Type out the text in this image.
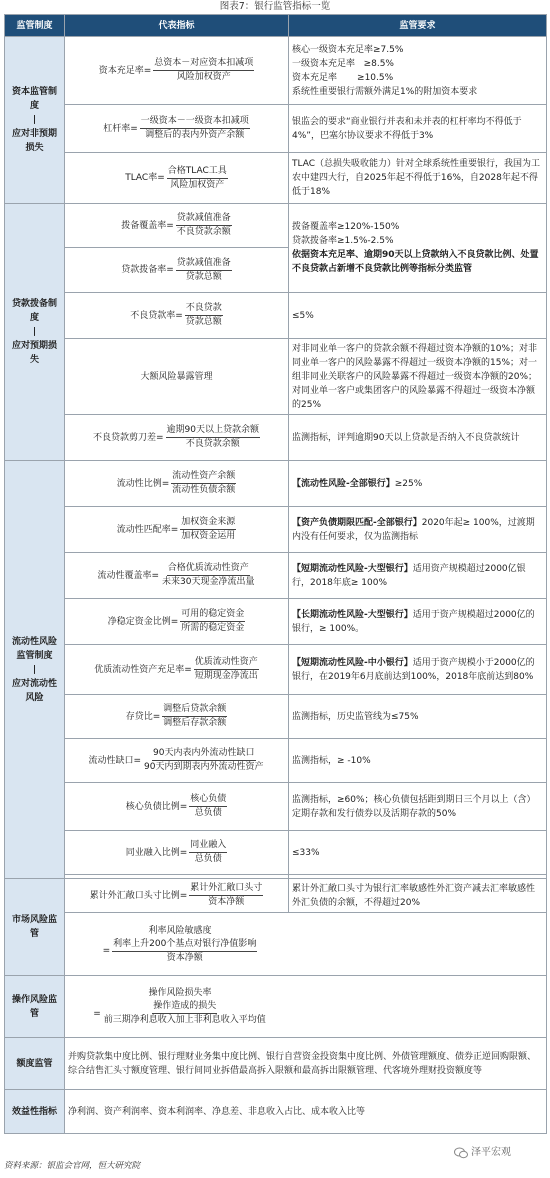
图表7：银行监管指标一览
监管制度	代表指标	监管要求
资本监管制度
|
应对非预期损失	资本充足率 = $\frac{\text{总资本－对应资本扣减项}}{\text{风险加权资产}}$	核心一级资本充足率≥7.5%
一级资本充足率   ≥8.5%
资本充足率       ≥10.5%
系统性重要银行需额外满足1%的附加资本要求

	杠杆率 = $\frac{\text{一级资本－一级资本扣减项}}{\text{调整后的表内外资产余额}}$	银监会的要求“商业银行并表和未并表的杠杆率均不得低于4%”，巴塞尔协议要求不得低于3%

	TLAC率 = $\frac{\text{合格TLAC工具}}{\text{风险加权资产}}$	TLAC（总损失吸收能力）针对全球系统性重要银行，我国为工农中建四大行，自2025年起不得低于16%，自2028年起不得低于18%
贷款拨备制度
|
应对预期损失	拨备覆盖率 = $\frac{\text{贷款减值准备}}{\text{不良贷款余额}}$	拨备覆盖率≥120%-150%
贷款拨备率≥1.5%-2.5%
依据资本充足率、逾期90天以上贷款纳入不良贷款比例、处置不良贷款占新增不良贷款比例等指标分类监管

	贷款拨备率 = $\frac{\text{贷款减值准备}}{\text{贷款总额}}$

	不良贷款率 = $\frac{\text{不良贷款}}{\text{贷款总额}}$	≤5%
	大额风险暴露管理	对非同业单一客户的贷款余额不得超过资本净额的10%；对非同业单一客户的风险暴露不得超过一级资本净额的15%；对一组非同业关联客户的风险暴露不得超过一级资本净额的20%；对同业单一客户或集团客户的风险暴露不得超过一级资本净额的25%

	不良贷款剪刀差 = $\frac{\text{逾期90天以上贷款余额}}{\text{不良贷款余额}}$	监测指标，评判逾期90天以上贷款是否纳入不良贷款统计
流动性风险监管制度
|
应对流动性风险	流动性比例 = $\frac{\text{流动性资产余额}}{\text{流动性负债余额}}$	【流动性风险-全部银行】≥25%

	流动性匹配率 = $\frac{\text{加权资金来源}}{\text{加权资金运用}}$	【资产负债期限匹配-全部银行】2020年起≥ 100%，过渡期内没有任何要求，仅为监测指标

	流动性覆盖率 = $\frac{\text{合格优质流动性资产}}{\text{未来30天现金净流出量}}$	【短期流动性风险-大型银行】适用资产规模超过2000亿银行，2018年底≥ 100%

	净稳定资金比例 = $\frac{\text{可用的稳定资金}}{\text{所需的稳定资金}}$	【长期流动性风险-大型银行】适用于资产规模超过2000亿的银行，≥ 100%。

	优质流动性资产充足率 = $\frac{\text{优质流动性资产}}{\text{短期现金净流出}}$	【短期流动性风险-中小银行】适用于资产规模小于2000亿的银行，在2019年6月底前达到100%，2018年底前达到80%

	存贷比 = $\frac{\text{调整后贷款余额}}{\text{调整后存款余额}}$	监测指标，历史监管线为≤75%

	流动性缺口 = $\frac{\text{90天内表内外流动性缺口}}{\text{90天内到期表内外流动性资产}}$	监测指标，≥ -10%

	核心负债比例 = $\frac{\text{核心负债}}{\text{总负债}}$	监测指标，≥60%；核心负债包括距到期日三个月以上（含）定期存款和发行债券以及活期存款的50%

	同业融入比例 = $\frac{\text{同业融入}}{\text{总负债}}$	≤33%

市场风险监管	累计外汇敞口头寸比例 = $\frac{\text{累计外汇敞口头寸}}{\text{资本净额}}$	累计外汇敞口头寸为银行汇率敏感性外汇资产减去汇率敏感性外汇负债的余额，不得超过20%

	利率风险敏感度
= $\frac{\text{利率上升200个基点对银行净值影响}}{\text{资本净额}}$

操作风险监管	操作风险损失率
= $\frac{\text{操作造成的损失}}{\text{前三期净利息收入加上非利息收入平均值}}$

额度监管	并购贷款集中度比例、银行理财业务集中度比例、银行自营资金投资集中度比例、外债管理额度、债券正逆回购限额、综合结售汇头寸额度管理、银行间同业拆借最高拆入限额和最高拆出限额管理、代客境外理财投资额度等	
效益性指标	净利润、资产利润率、资本利润率、净息差、非息收入占比、成本收入比等	
泽平宏观
资料来源：银监会官网，恒大研究院
